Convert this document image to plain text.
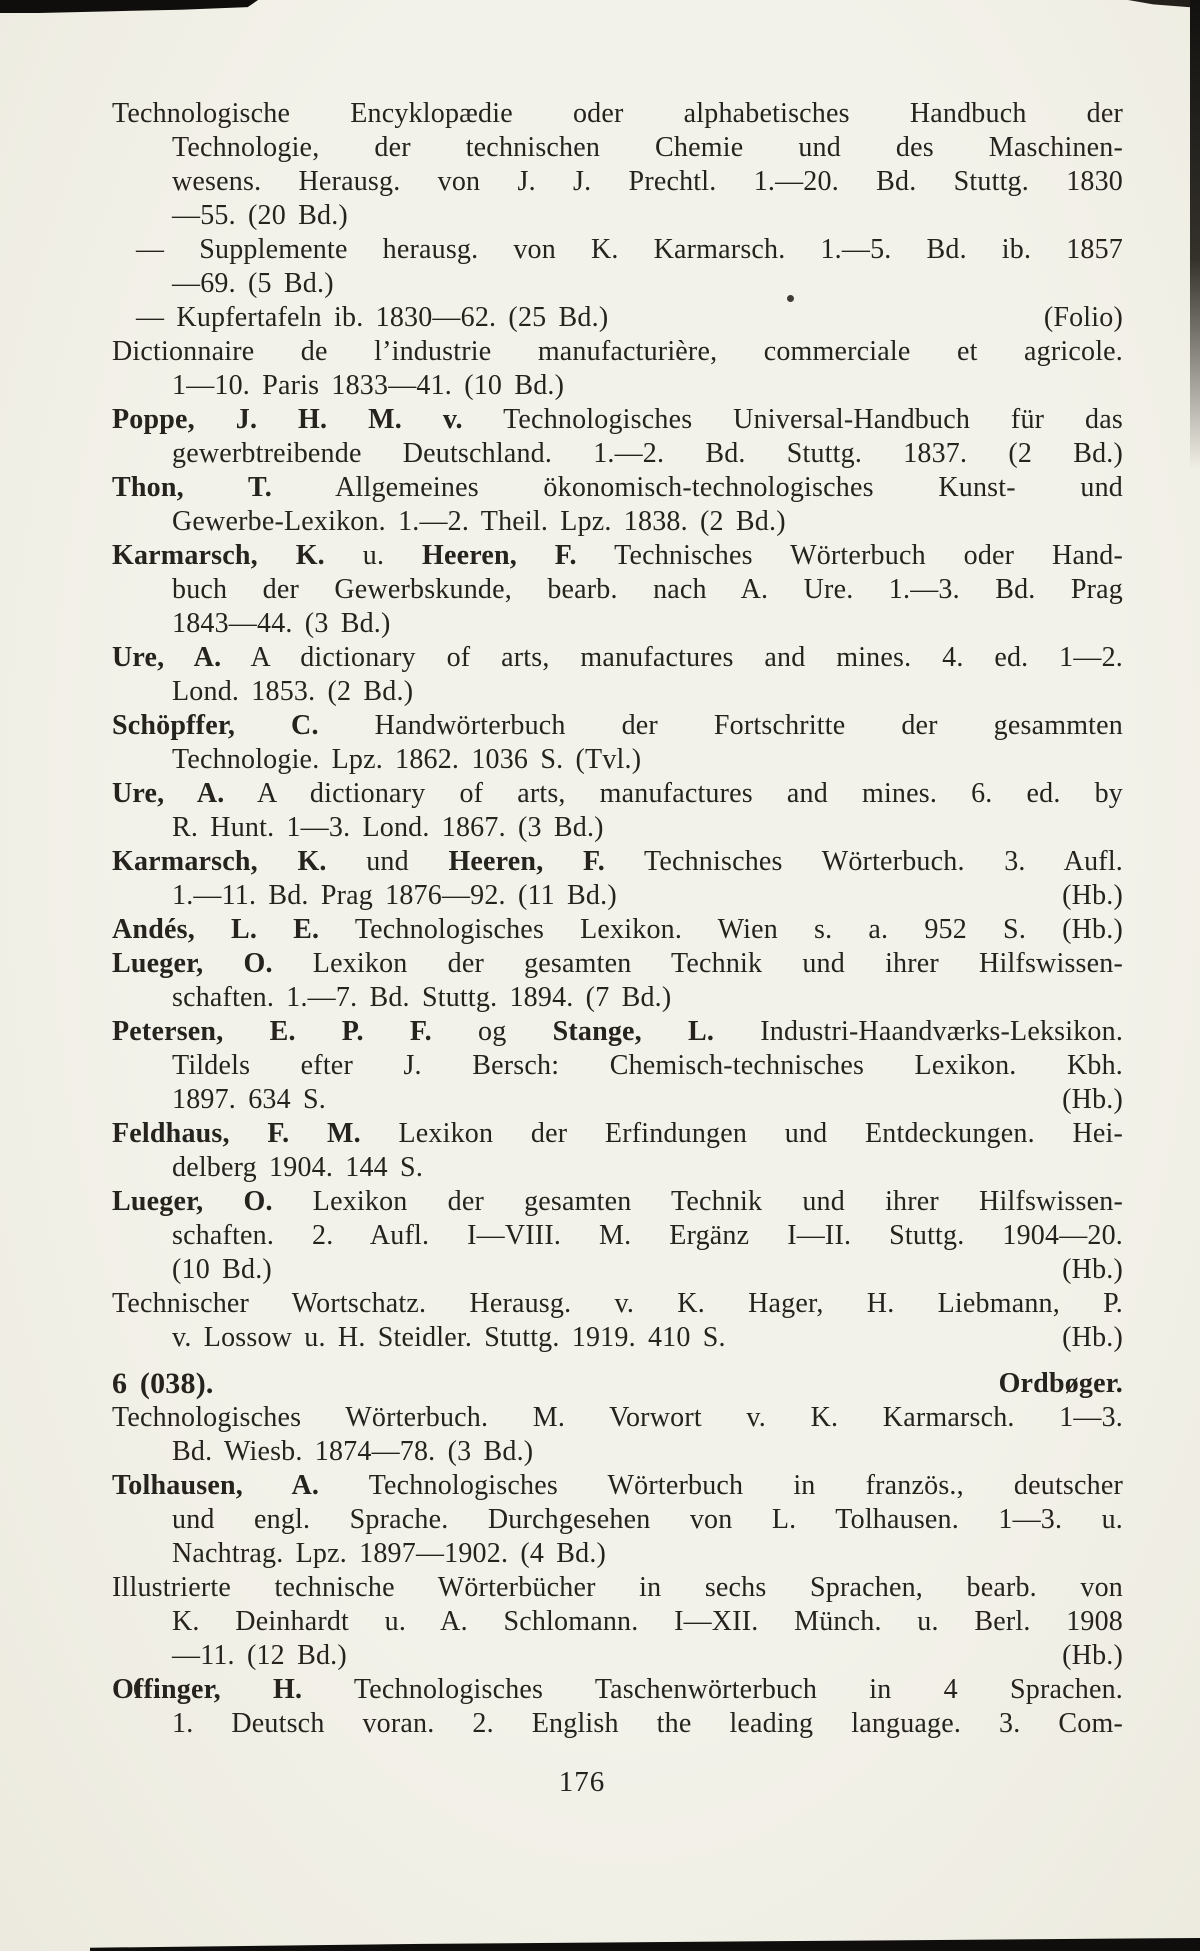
Technologische Encyklopædie oder alphabetisches Handbuch der
Technologie, der technischen Chemie und des Maschinen-
wesens. Herausg. von J. J. Prechtl. 1.—20. Bd. Stuttg. 1830
—55. (20 Bd.)
— Supplemente herausg. von K. Karmarsch. 1.—5. Bd. ib. 1857
—69. (5 Bd.)
— Kupfertafeln ib. 1830—62. (25 Bd.)	(Folio)
Dictionnaire de l’industrie manufacturière, commerciale et agricole.
1—10. Paris 1833—41. (10 Bd.)
Poppe, J. H. M. v. Technologisches Universal-Handbuch für das
gewerbtreibende Deutschland. 1.—2. Bd. Stuttg. 1837. (2 Bd.)
Thon, T. Allgemeines ökonomisch-technologisches Kunst- und
Gewerbe-Lexikon. 1.—2. Theil. Lpz. 1838. (2 Bd.)
Karmarsch, K. u. Heeren, F. Technisches Wörterbuch oder Hand-
buch der Gewerbskunde, bearb. nach A. Ure. 1.—3. Bd. Prag
1843—44. (3 Bd.)
Ure, A. A dictionary of arts, manufactures and mines. 4. ed. 1—2.
Lond. 1853. (2 Bd.)
Schöpffer, C. Handwörterbuch der Fortschritte der gesammten
Technologie. Lpz. 1862. 1036 S. (Tvl.)
Ure, A. A dictionary of arts, manufactures and mines. 6. ed. by
R. Hunt. 1—3. Lond. 1867. (3 Bd.)
Karmarsch, K. und Heeren, F. Technisches Wörterbuch. 3. Aufl.
1.—11. Bd. Prag 1876—92. (11 Bd.)	(Hb.)
Andés, L. E. Technologisches Lexikon. Wien s. a. 952 S. (Hb.)
Lueger, O. Lexikon der gesamten Technik und ihrer Hilfswissen-
schaften. 1.—7. Bd. Stuttg. 1894. (7 Bd.)
Petersen, E. P. F. og Stange, L. Industri-Haandværks-Leksikon.
Tildels efter J. Bersch: Chemisch-technisches Lexikon. Kbh.
1897. 634 S.	(Hb.)
Feldhaus, F. M. Lexikon der Erfindungen und Entdeckungen. Hei-
delberg 1904. 144 S.
Lueger, O. Lexikon der gesamten Technik und ihrer Hilfswissen-
schaften. 2. Aufl. I—VIII. M. Ergänz I—II. Stuttg. 1904—20.
(10 Bd.)	(Hb.)
Technischer Wortschatz. Herausg. v. K. Hager, H. Liebmann, P.
v. Lossow u. H. Steidler. Stuttg. 1919. 410 S.	(Hb.)
6 (038).	Ordbøger.
Technologisches Wörterbuch. M. Vorwort v. K. Karmarsch. 1—3.
Bd. Wiesb. 1874—78. (3 Bd.)
Tolhausen, A. Technologisches Wörterbuch in französ., deutscher
und engl. Sprache. Durchgesehen von L. Tolhausen. 1—3. u.
Nachtrag. Lpz. 1897—1902. (4 Bd.)
Illustrierte technische Wörterbücher in sechs Sprachen, bearb. von
K. Deinhardt u. A. Schlomann. I—XII. Münch. u. Berl. 1908
—11. (12 Bd.)	(Hb.)
Offinger, H. Technologisches Taschenwörterbuch in 4 Sprachen.
1. Deutsch voran. 2. English the leading language. 3. Com-
176
